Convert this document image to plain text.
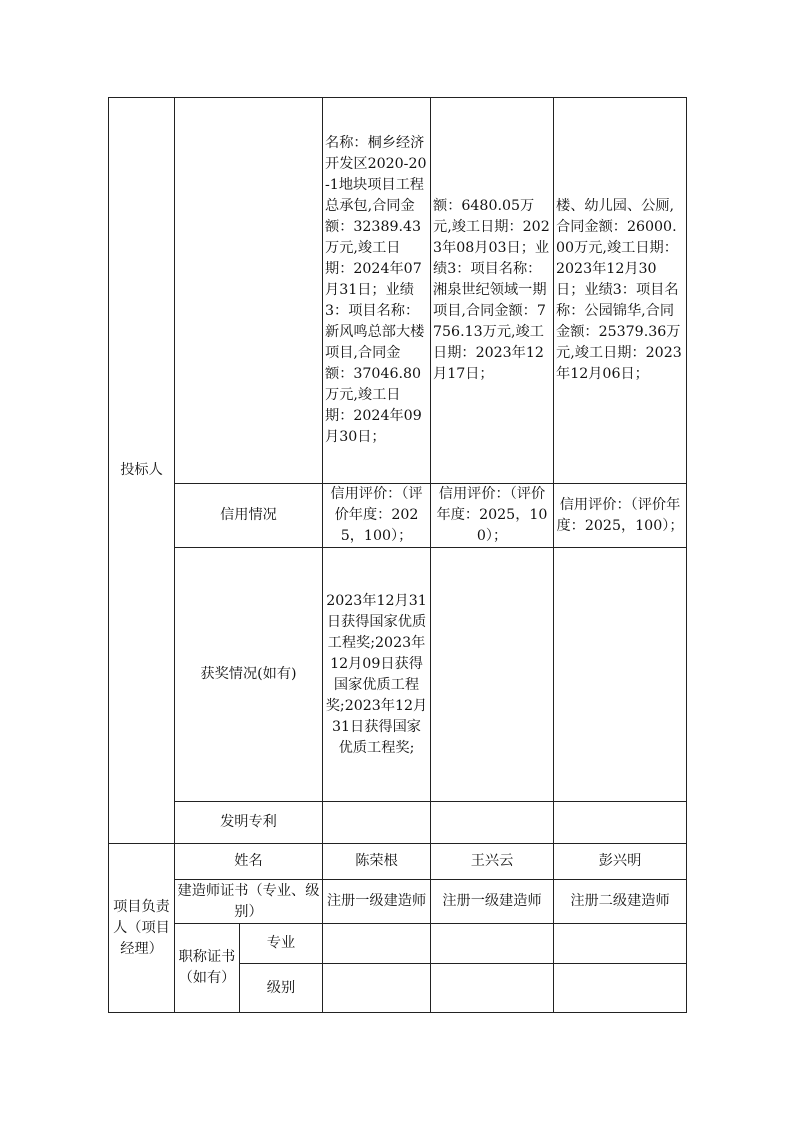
投标人			名称：桐乡经济开发区2020-20-1地块项目工程总承包,合同金额：32389.43万元,竣工日期：2024年07月31日；业绩3：项目名称：新风鸣总部大楼项目,合同金额：37046.80万元,竣工日期：2024年09月30日；	额：6480.05万元,竣工日期：2023年08月03日；业绩3：项目名称：湘泉世纪领域一期项目,合同金额：7756.13万元,竣工日期：2023年12月17日；	楼、幼儿园、公厕,合同金额：26000.00万元,竣工日期：2023年12月30日；业绩3：项目名称：公园锦华,合同金额：25379.36万元,竣工日期：2023年12月06日；

	信用情况		信用评价：（评价年度：2025，100）；	信用评价：（评价年度：2025，100）；	信用评价：（评价年度：2025，100）；
	获奖情况(如有)		2023年12月31日获得国家优质工程奖;2023年12月09日获得国家优质工程奖;2023年12月31日获得国家优质工程奖;		
	发明专利				
项目负责人（项目经理）	姓名		陈荣根	王兴云	彭兴明
	建造师证书（专业、级别）		注册一级建造师	注册一级建造师	注册二级建造师
	职称证书（如有）	专业			
		级别			
